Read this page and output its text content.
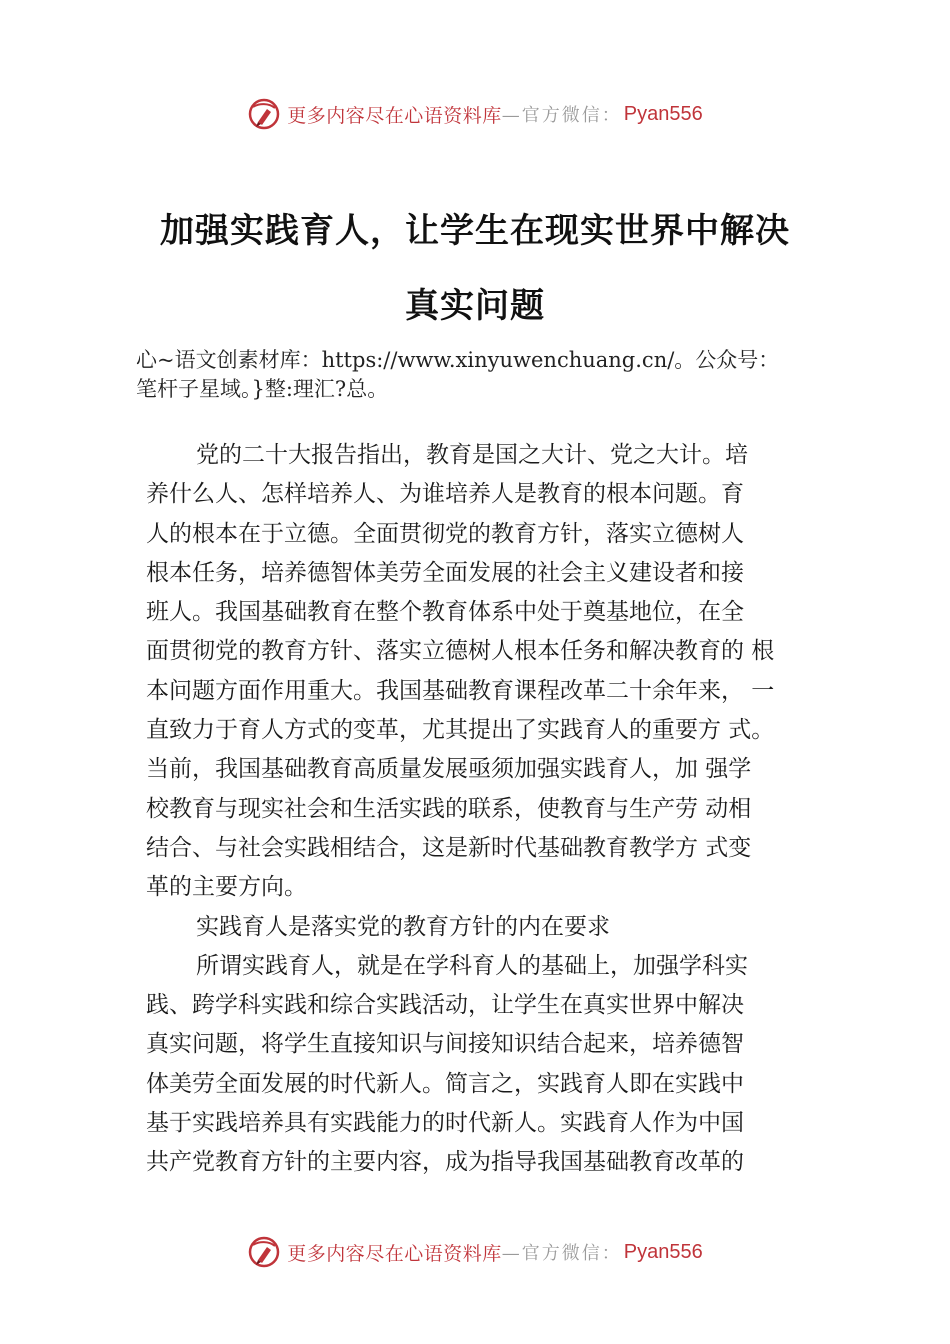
更多内容尽在心语资料库 —官方微信： Pyan556
加强实践育人，让学生在现实世界中解决
真实问题
心~语文创素材库：https://www.xinyuwenchuang.cn/。公众号：
笔杆子星域。}整:理汇?总。
党的二十大报告指出，教育是国之大计、党之大计。培
养什么人、怎样培养人、为谁培养人是教育的根本问题。育
人的根本在于立德。全面贯彻党的教育方针，落实立德树人
根本任务，培养德智体美劳全面发展的社会主义建设者和接
班人。我国基础教育在整个教育体系中处于奠基地位，在全
面贯彻党的教育方针、落实立德树人根本任务和解决教育的 根
本问题方面作用重大。我国基础教育课程改革二十余年来， 一
直致力于育人方式的变革，尤其提出了实践育人的重要方 式。
当前，我国基础教育高质量发展亟须加强实践育人，加 强学
校教育与现实社会和生活实践的联系，使教育与生产劳 动相
结合、与社会实践相结合，这是新时代基础教育教学方 式变
革的主要方向。
实践育人是落实党的教育方针的内在要求
所谓实践育人，就是在学科育人的基础上，加强学科实
践、跨学科实践和综合实践活动，让学生在真实世界中解决
真实问题，将学生直接知识与间接知识结合起来，培养德智
体美劳全面发展的时代新人。简言之，实践育人即在实践中
基于实践培养具有实践能力的时代新人。实践育人作为中国
共产党教育方针的主要内容，成为指导我国基础教育改革的
更多内容尽在心语资料库 —官方微信： Pyan556
